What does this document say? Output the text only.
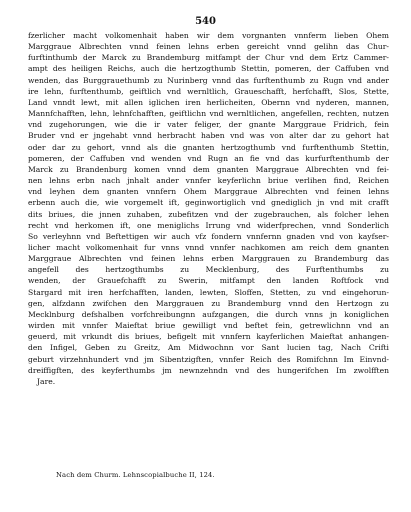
540
fzerlicher macht volkomenhait haben wir dem vorgnanten vnnferm lieben Ohem
Marggraue Albrechten vnnd feinen lehns erben gereicht vnnd gelihn das Chur-
furftinthumb der Marck zu Brandemburg mitfampt der Chur vnd dem Ertz Cammer-
ampt des heiligen Reichs, auch die hertzogthumb Stettin, pomeren, der Caffuben vnd
wenden, das Burggrauethumb zu Nurinberg vnnd das furftenthumb zu Rugn vnd ander
ire lehn, furftenthumb, geiftlich vnd wernltlich, Graueschafft, herfchafft, Slos, Stette,
Land vnndt lewt, mit allen iglichen iren herlicheiten, Obernn vnd nyderen, mannen,
Mannfchafften, lehn, lehnfchafften, geiftlichn vnd wernltlichen, angefellen, rechten, nutzen
vnd zugehorungen, wie die ir vater feliger, der gnante Marggraue Fridrich, fein
Bruder vnd er jngehabt vnnd herbracht haben vnd was von alter dar zu gehort hat
oder dar zu gehort, vnnd als die gnanten hertzogthumb vnd furftenthumb Stettin,
pomeren, der Caffuben vnd wenden vnd Rugn an fie vnd das kurfurftenthumb der
Marck zu Brandenburg komen vnnd dem gnanten Marggraue Albrechten vnd fei-
nen lehns erbn nach jnhalt ander vnnfer keyferlichn briue verlihen find, Reichen
vnd leyhen dem gnanten vnnfern Ohem Marggraue Albrechten vnd feinen lehns
erbenn auch die, wie vorgemelt ift, geginwortiglich vnd gnediglich jn vnd mit crafft
dits briues, die jnnen zuhaben, zubefitzen vnd der zugebrauchen, als folcher lehen
recht vnd herkomen ift, one meniglichs Irrung vnd widerfprechen, vnnd Sonderlich
So verleyhnn vnd Beftettigen wir auch vfz fondern vnnfernn gnaden vnd von kayfser-
licher macht volkomenhait fur vnns vnnd vnnfer nachkomen am reich dem gnanten
Marggraue Albrechten vnd feinen lehns erben Marggrauen zu Brandemburg das
angefell des hertzogthumbs zu Mecklenburg, des Furftenthumbs zu
wenden, der Grauefchafft zu Swerin, mitfampt den landen Roftfock vnd
Stargard mit iren herfchafften, landen, lewten, Sloffen, Stetten, zu vnd eingehorun-
gen, alfzdann zwifchen den Marggrauen zu Brandemburg vnnd den Hertzogn zu
Mecklnburg defshalben vorfchreibungnn aufzgangen, die durch vnns jn koniglichen
wirden mit vnnfer Maieftat briue gewilligt vnd beftet fein, getrewlichnn vnd an
geuerd, mit vrkundt dis briues, befigelt mit vnnfern kayferlichen Maieftat anhangen-
den Infigel, Geben zu Greitz, Am Midwochnn vor Sant lucien tag, Nach Crifti
geburt virzehnhundert vnd jm Sibentzigften, vnnfer Reich des Romifchnn Im Einvnd-
dreiffigften, des keyferthumbs jm newnzehndn vnd des hungerifchen Im zwolfften
Jare.
Nach dem Churm. Lehnscopialbuche II, 124.
